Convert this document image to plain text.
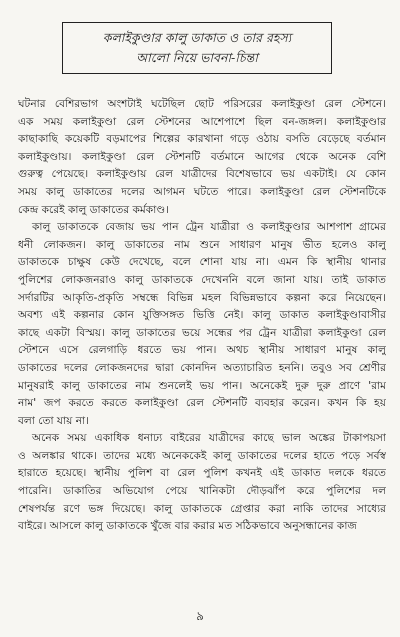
কলাইকুণ্ডার কালু ডাকাত ও তার রহস্য
আলো নিয়ে ভাবনা-চিন্তা
ঘটনার বেশিরভাগ অংশটাই ঘটেছিল ছোট পরিসরের কলাইকুণ্ডা রেল স্টেশনে।
এক সময় কলাইকুণ্ডা রেল স্টেশনের আশেপাশে ছিল বন-জঙ্গল। কলাইকুণ্ডার
কাছাকাছি কয়েকটি বড়মাপের শিল্পের কারখানা গড়ে ওঠায় বসতি বেড়েছে বর্তমান
কলাইকুণ্ডায়। কলাইকুণ্ডা রেল স্টেশনটি বর্তমানে আগের থেকে অনেক বেশি
গুরুত্ব পেয়েছে। কলাইকুণ্ডায় রেল যাত্রীদের বিশেষভাবে ভয় একটাই। যে কোন
সময় কালু ডাকাতের দলের আগমন ঘটতে পারে। কলাইকুণ্ডা রেল স্টেশনটিকে
কেন্দ্র করেই কালু ডাকাতের কর্মকাণ্ড।
কালু ডাকাতকে বেজায় ভয় পান ট্রেন যাত্রীরা ও কলাইকুণ্ডার আশপাশ গ্রামের
ধনী লোকজন। কালু ডাকাতের নাম শুনে সাধারণ মানুষ ভীত হলেও কালু
ডাকাতকে চাক্ষুষ কেউ দেখেছে, বলে শোনা যায় না। এমন কি স্থানীয় থানার
পুলিশের লোকজনরাও কালু ডাকাতকে দেখেননি বলে জানা যায়। তাই ডাকাত
সর্দারটির আকৃতি-প্রকৃতি সম্বন্ধে বিভিন্ন মহল বিভিন্নভাবে কল্পনা করে নিয়েছেন।
অবশ্য এই কল্পনার কোন যুক্তিসঙ্গত ভিত্তি নেই। কালু ডাকাত কলাইকুণ্ডাবাসীর
কাছে একটা বিস্ময়। কালু ডাকাতের ভয়ে সন্ধের পর ট্রেন যাত্রীরা কলাইকুণ্ডা রেল
স্টেশনে এসে রেলগাড়ি ধরতে ভয় পান। অথচ স্থানীয় সাধারণ মানুষ কালু
ডাকাতের দলের লোকজনদের দ্বারা কোনদিন অত্যাচারিত হননি। তবুও সব শ্রেণীর
মানুষরাই কালু ডাকাতের নাম শুনলেই ভয় পান। অনেকেই দুরু দুরু প্রাণে 'রাম
নাম' জপ করতে করতে কলাইকুণ্ডা রেল স্টেশনটি ব্যবহার করেন। কখন কি হয়
বলা তো যায় না।
অনেক সময় একাধিক ধনাঢ্য বাইরের যাত্রীদের কাছে ভাল অঙ্কের টাকাপয়সা
ও অলঙ্কার থাকে। তাদের মধ্যে অনেককেই কালু ডাকাতের দলের হাতে পড়ে সর্বস্ব
হারাতে হয়েছে। স্থানীয় পুলিশ বা রেল পুলিশ কখনই এই ডাকাত দলকে ধরতে
পারেনি। ডাকাতির অভিযোগ পেয়ে খানিকটা দৌড়ঝাঁপ করে পুলিশের দল
শেষপর্যন্ত রণে ভঙ্গ দিয়েছে। কালু ডাকাতকে গ্রেপ্তার করা নাকি তাদের সাধ্যের
বাইরে। আসলে কালু ডাকাতকে খুঁজে বার করার মত সঠিকভাবে অনুসন্ধানের কাজ
৯
